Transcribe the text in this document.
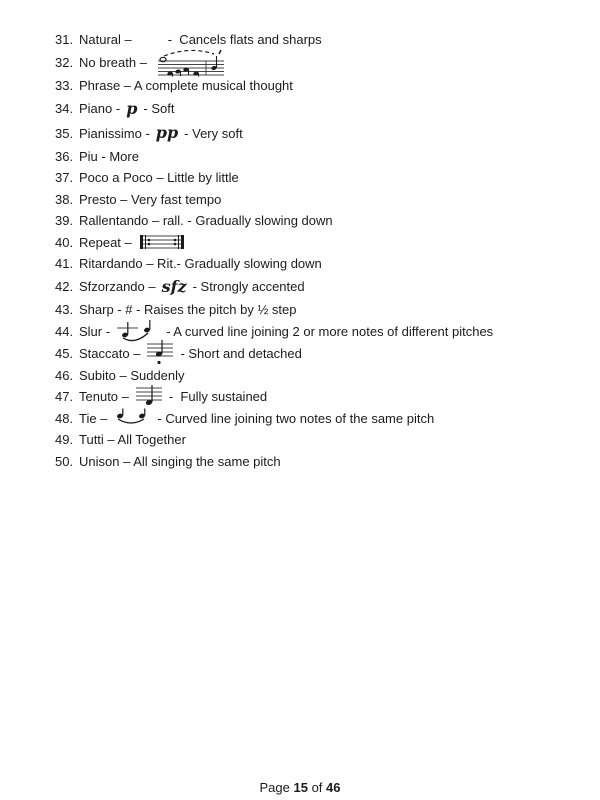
31. Natural –	-  Cancels flats and sharps
32. No breath –
33. Phrase – A complete musical thought
34. Piano - p - Soft
35. Pianissimo - pp - Very soft
36. Piu - More
37. Poco a Poco – Little by little
38. Presto – Very fast tempo
39. Rallentando – rall. - Gradually slowing down
40. Repeat –
41. Ritardando – Rit.- Gradually slowing down
42. Sfzorzando – sfz - Strongly accented
43. Sharp - # - Raises the pitch by ½ step
44. Slur -	- A curved line joining 2 or more notes of different pitches
45. Staccato –	- Short and detached
46. Subito – Suddenly
47. Tenuto –	-  Fully sustained
48. Tie –	- Curved line joining two notes of the same pitch
49. Tutti – All Together
50. Unison – All singing the same pitch
Page 15 of 46
